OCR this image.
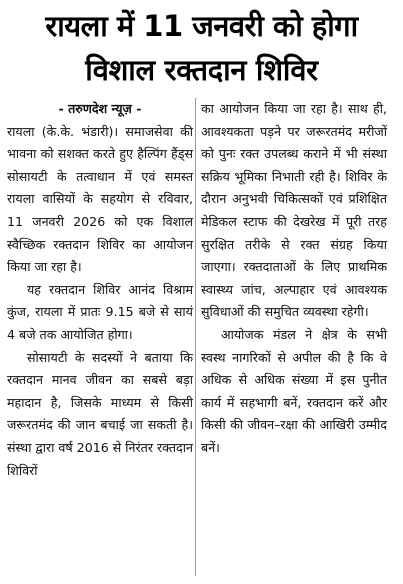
रायला में 11 जनवरी को होगा
विशाल रक्तदान शिविर
- तरुणदेश न्यूज़ -

रायला (के.के. भंडारी)। समाजसेवा की भावना को सशक्त करते हुए हैल्पिंग हैंड्स सोसायटी के तत्वाधान में एवं समस्त रायला वासियों के सहयोग से रविवार, 11 जनवरी 2026 को एक विशाल स्वैच्छिक रक्तदान शिविर का आयोजन किया जा रहा है।

यह रक्तदान शिविर आनंद विश्राम कुंज, रायला में प्रातः 9.15 बजे से सायं 4 बजे तक आयोजित होगा।

सोसायटी के सदस्यों ने बताया कि रक्तदान मानव जीवन का सबसे बड़ा महादान है, जिसके माध्यम से किसी जरूरतमंद की जान बचाई जा सकती है। संस्था द्वारा वर्ष 2016 से निरंतर रक्तदान शिविरों

का आयोजन किया जा रहा है। साथ ही, आवश्यकता पड़ने पर जरूरतमंद मरीजों को पुनः रक्त उपलब्ध कराने में भी संस्था सक्रिय भूमिका निभाती रही है। शिविर के दौरान अनुभवी चिकित्सकों एवं प्रशिक्षित मेडिकल स्टाफ की देखरेख में पूरी तरह सुरक्षित तरीके से रक्त संग्रह किया जाएगा। रक्तदाताओं के लिए प्राथमिक स्वास्थ्य जांच, अल्पाहार एवं आवश्यक सुविधाओं की समुचित व्यवस्था रहेगी।

आयोजक मंडल ने क्षेत्र के सभी स्वस्थ नागरिकों से अपील की है कि वे अधिक से अधिक संख्या में इस पुनीत कार्य में सहभागी बनें, रक्तदान करें और किसी की जीवन–रक्षा की आखिरी उम्मीद बनें।
